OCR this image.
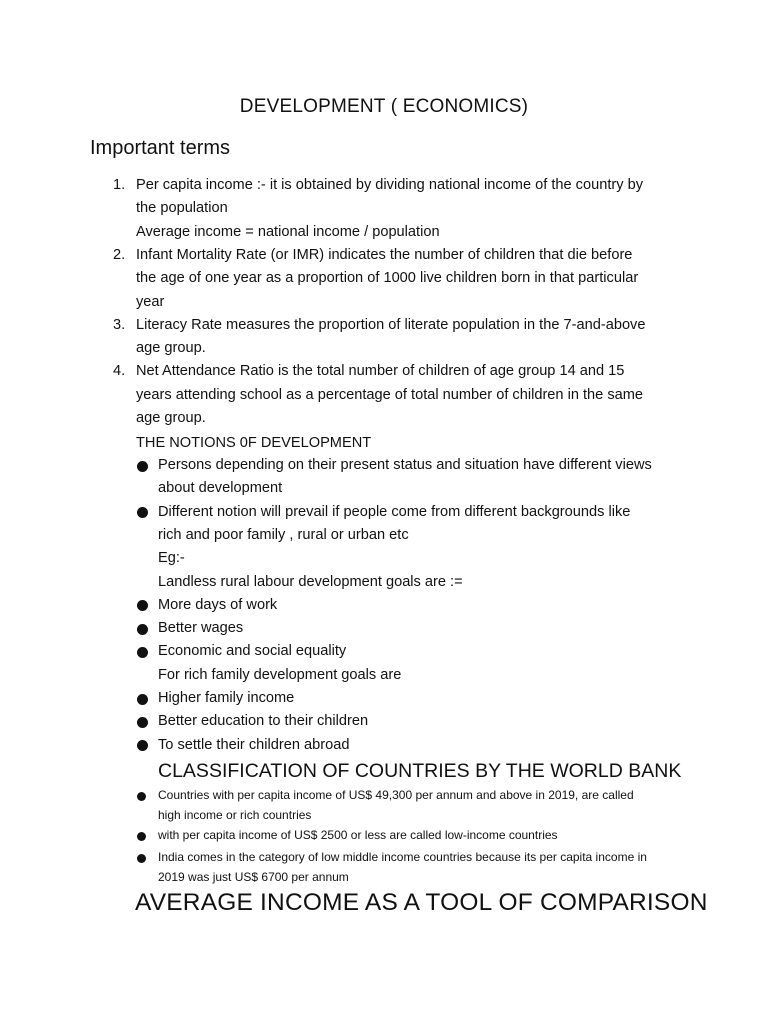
DEVELOPMENT ( ECONOMICS)

Important terms

1. Per capita income :- it is obtained by dividing national income of the country by

the population

Average income = national income / population

2. Infant Mortality Rate (or IMR) indicates the number of children that die before

the age of one year as a proportion of 1000 live children born in that particular

year

3. Literacy Rate measures the proportion of literate population in the 7-and-above

age group.

4. Net Attendance Ratio is the total number of children of age group 14 and 15

years attending school as a percentage of total number of children in the same

age group.

THE NOTIONS 0F DEVELOPMENT

Persons depending on their present status and situation have different views

about development

Different notion will prevail if people come from different backgrounds like

rich and poor family , rural or urban etc

Eg:-

Landless rural labour development goals are :=

More days of work

Better wages

Economic and social equality

For rich family development goals are

Higher family income

Better education to their children

To settle their children abroad

CLASSIFICATION OF COUNTRIES BY THE WORLD BANK

Countries with per capita income of US$ 49,300 per annum and above in 2019, are called

high income or rich countries

with per capita income of US$ 2500 or less are called low-income countries

India comes in the category of low middle income countries because its per capita income in

2019 was just US$ 6700 per annum

AVERAGE INCOME AS A TOOL OF COMPARISON
